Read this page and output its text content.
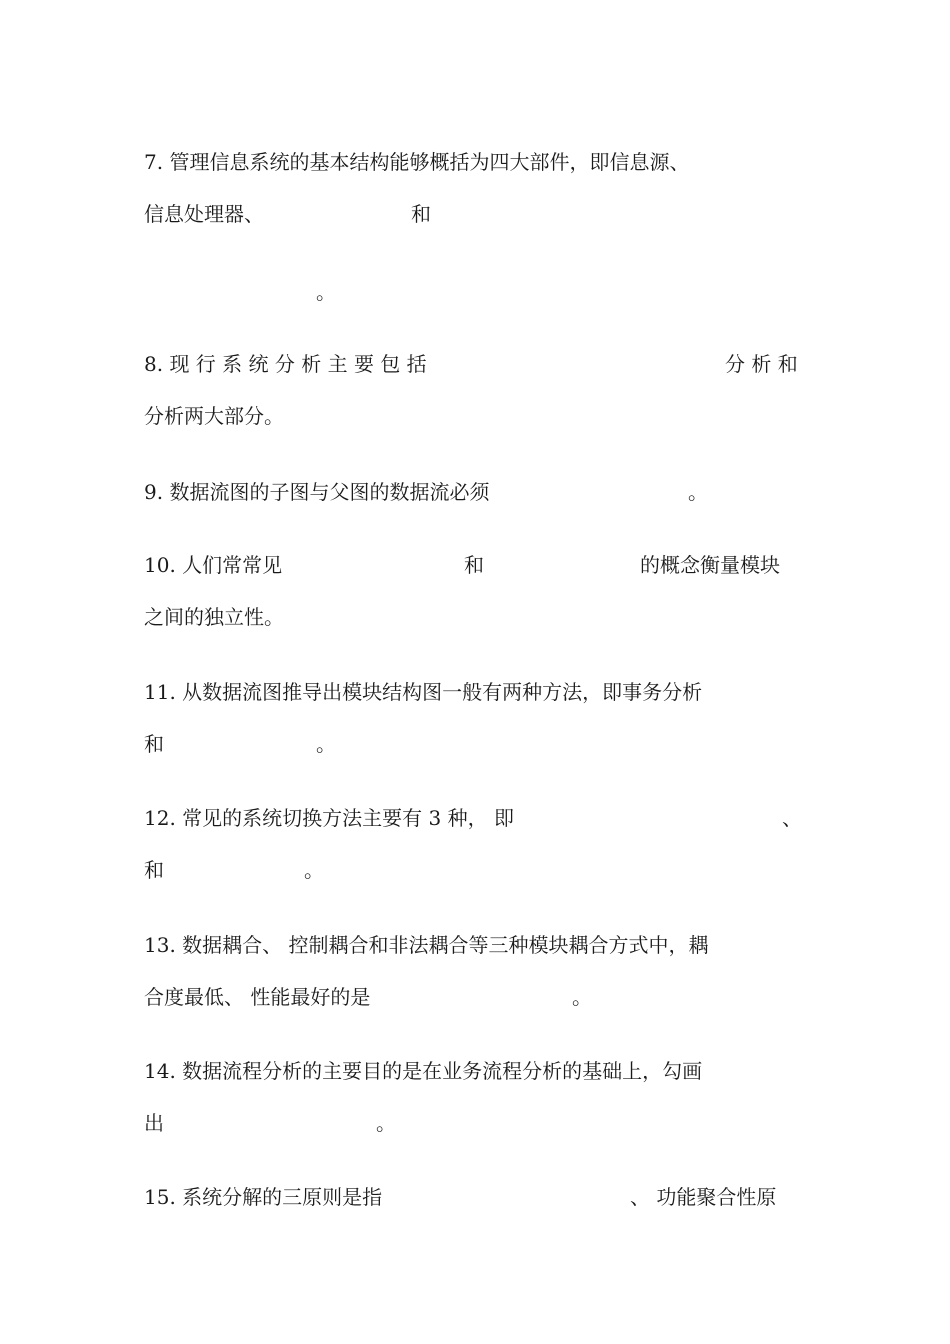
7. 管理信息系统的基本结构能够概括为四大部件，即信息源、
信息处理器、	和
。
8. 现 行 系 统 分 析 主 要 包 括	分 析 和
分析两大部分。
9. 数据流图的子图与父图的数据流必须	。
10. 人们常常见	和	的概念衡量模块
之间的独立性。
11. 从数据流图推导出模块结构图一般有两种方法，即事务分析
和	。
12. 常见的系统切换方法主要有 3 种， 即	、
和	。
13. 数据耦合、 控制耦合和非法耦合等三种模块耦合方式中，耦
合度最低、 性能最好的是	。
14. 数据流程分析的主要目的是在业务流程分析的基础上，勾画
出	。
15. 系统分解的三原则是指	、 功能聚合性原
